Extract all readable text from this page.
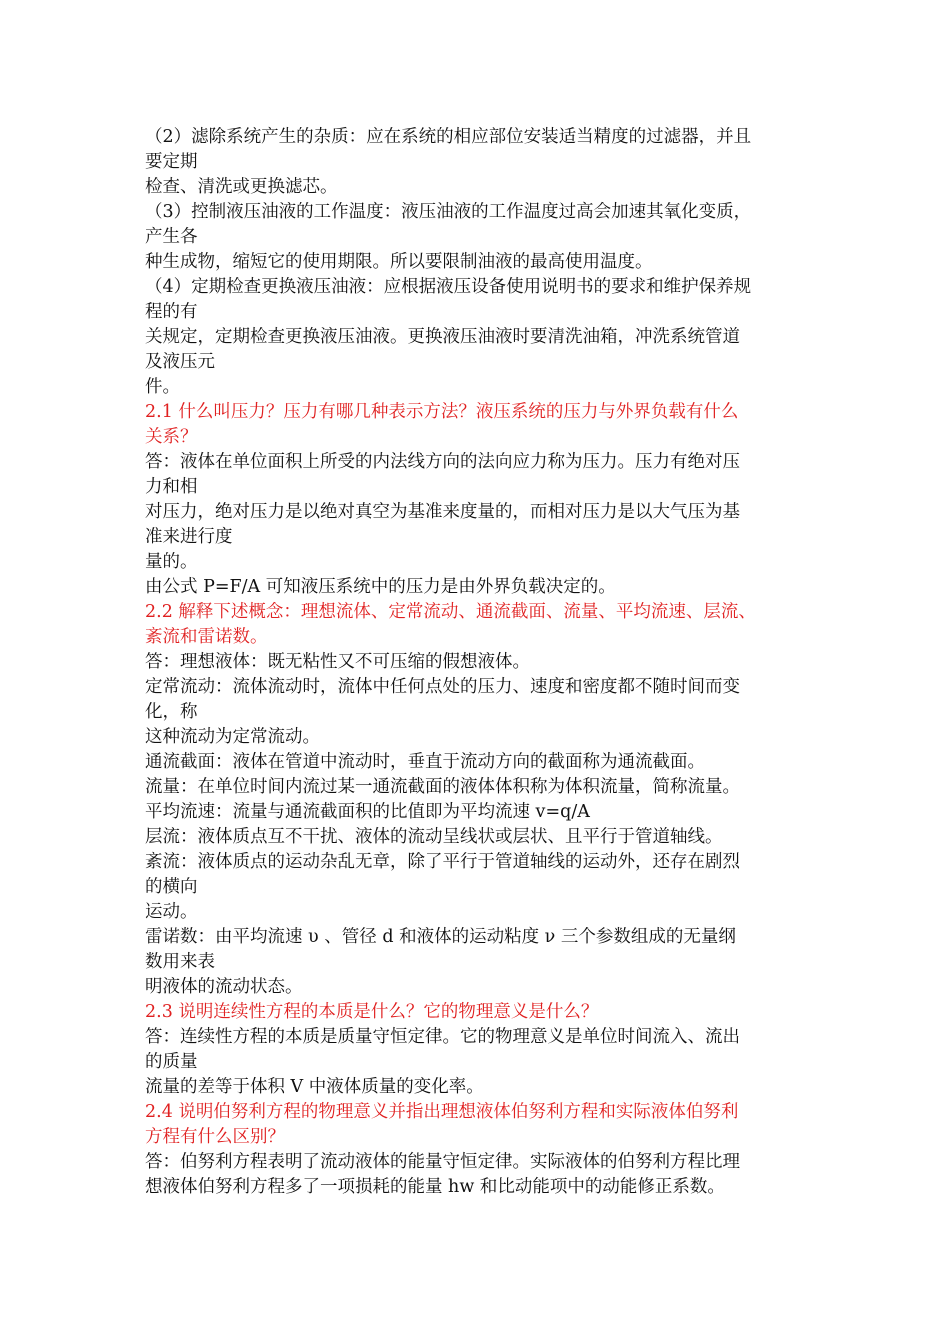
（2）滤除系统产生的杂质：应在系统的相应部位安装适当精度的过滤器，并且
要定期
检查、清洗或更换滤芯。
（3）控制液压油液的工作温度：液压油液的工作温度过高会加速其氧化变质，
产生各
种生成物，缩短它的使用期限。所以要限制油液的最高使用温度。
（4）定期检查更换液压油液：应根据液压设备使用说明书的要求和维护保养规
程的有
关规定，定期检查更换液压油液。更换液压油液时要清洗油箱，冲洗系统管道
及液压元
件。
2.1 什么叫压力？压力有哪几种表示方法？液压系统的压力与外界负载有什么
关系？
答：液体在单位面积上所受的内法线方向的法向应力称为压力。压力有绝对压
力和相
对压力，绝对压力是以绝对真空为基准来度量的，而相对压力是以大气压为基
准来进行度
量的。
由公式 P=F/A 可知液压系统中的压力是由外界负载决定的。
2.2 解释下述概念：理想流体、定常流动、通流截面、流量、平均流速、层流、
紊流和雷诺数。
答：理想液体：既无粘性又不可压缩的假想液体。
定常流动：流体流动时，流体中任何点处的压力、速度和密度都不随时间而变
化，称
这种流动为定常流动。
通流截面：液体在管道中流动时，垂直于流动方向的截面称为通流截面。
流量：在单位时间内流过某一通流截面的液体体积称为体积流量，简称流量。
平均流速：流量与通流截面积的比值即为平均流速 v=q/A
层流：液体质点互不干扰、液体的流动呈线状或层状、且平行于管道轴线。
紊流：液体质点的运动杂乱无章，除了平行于管道轴线的运动外，还存在剧烈
的横向
运动。
雷诺数：由平均流速 υ 、管径 d 和液体的运动粘度 ν 三个参数组成的无量纲
数用来表
明液体的流动状态。
2.3 说明连续性方程的本质是什么？它的物理意义是什么？
答：连续性方程的本质是质量守恒定律。它的物理意义是单位时间流入、流出
的质量
流量的差等于体积 V 中液体质量的变化率。
2.4 说明伯努利方程的物理意义并指出理想液体伯努利方程和实际液体伯努利
方程有什么区别？
答：伯努利方程表明了流动液体的能量守恒定律。实际液体的伯努利方程比理
想液体伯努利方程多了一项损耗的能量 hw 和比动能项中的动能修正系数。
